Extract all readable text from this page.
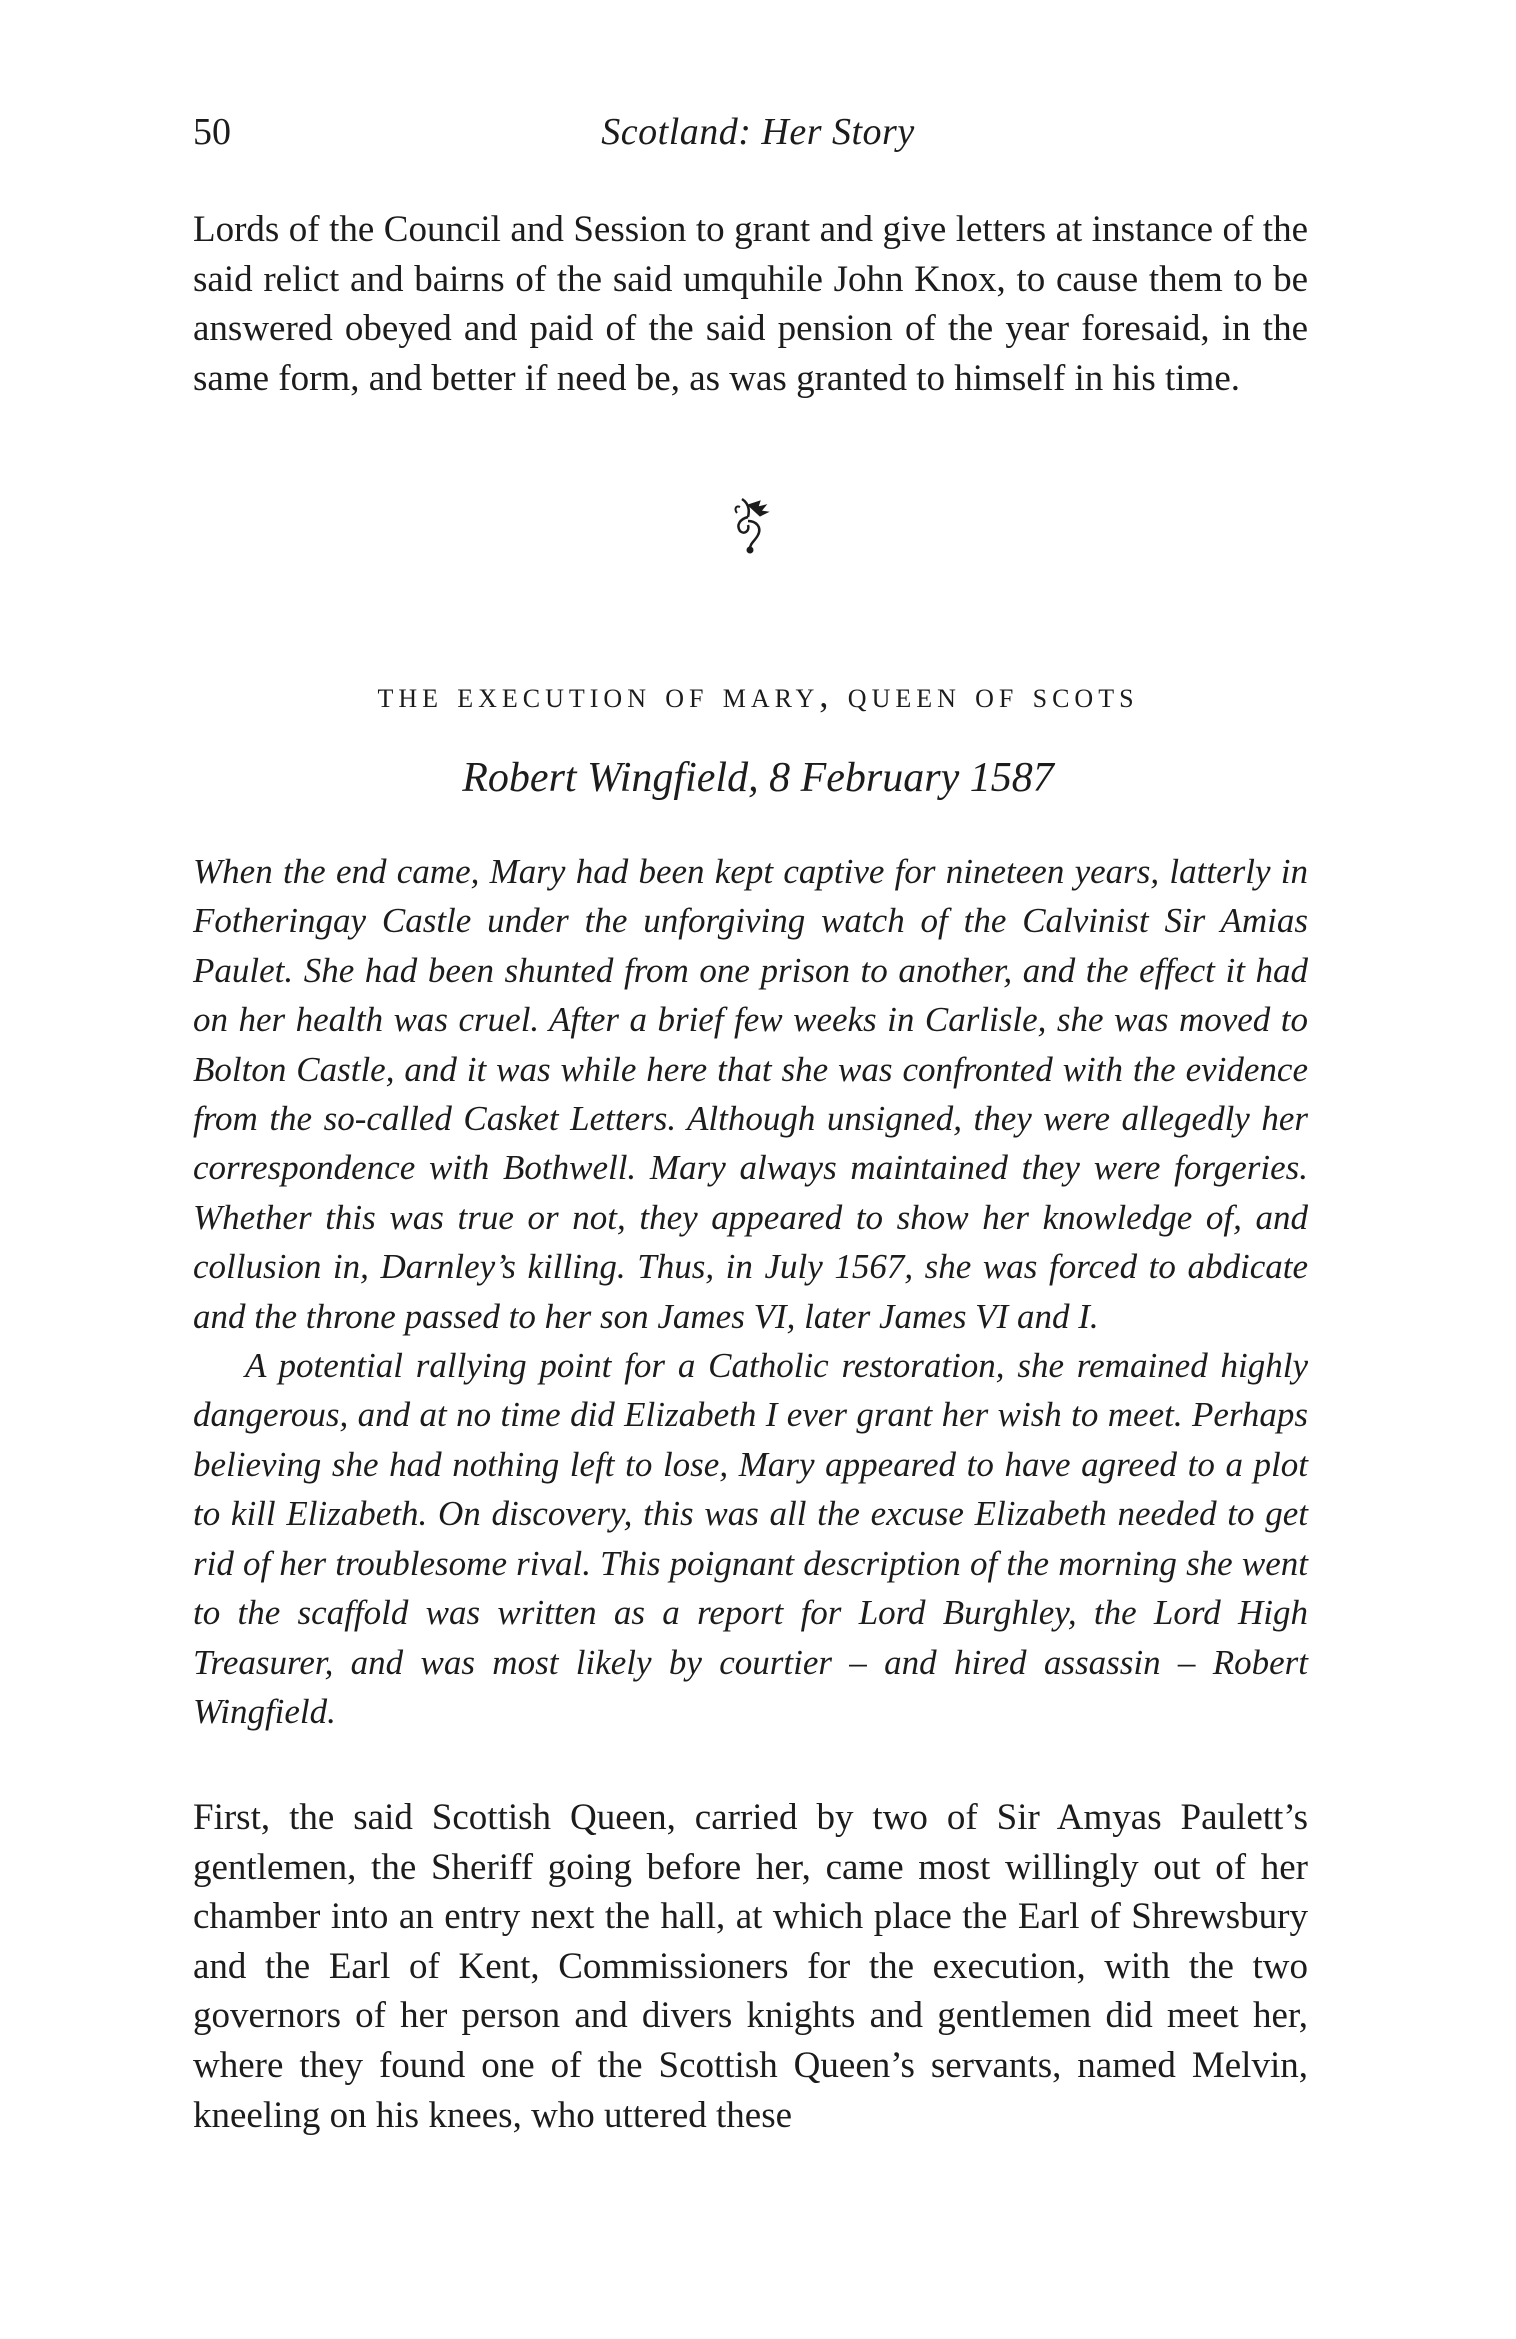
50	Scotland: Her Story
Lords of the Council and Session to grant and give letters at instance of the said relict and bairns of the said umquhile John Knox, to cause them to be answered obeyed and paid of the said pension of the year foresaid, in the same form, and better if need be, as was granted to himself in his time.
the execution of mary, queen of scots
Robert Wingfield, 8 February 1587

When the end came, Mary had been kept captive for nineteen years, latterly in Fotheringay Castle under the unforgiving watch of the Calvinist Sir Amias Paulet. She had been shunted from one prison to another, and the effect it had on her health was cruel. After a brief few weeks in Carlisle, she was moved to Bolton Castle, and it was while here that she was confronted with the evidence from the so-called Casket Letters. Although unsigned, they were allegedly her correspondence with Bothwell. Mary always maintained they were forgeries. Whether this was true or not, they appeared to show her knowledge of, and collusion in, Darnley’s killing. Thus, in July 1567, she was forced to abdicate and the throne passed to her son James VI, later James VI and I.

A potential rallying point for a Catholic restoration, she remained highly dangerous, and at no time did Elizabeth I ever grant her wish to meet. Perhaps believing she had nothing left to lose, Mary appeared to have agreed to a plot to kill Elizabeth. On discovery, this was all the excuse Elizabeth needed to get rid of her troublesome rival. This poignant description of the morning she went to the scaffold was written as a report for Lord Burghley, the Lord High Treasurer, and was most likely by courtier – and hired assassin – Robert Wingfield.

First, the said Scottish Queen, carried by two of Sir Amyas Paulett’s gentlemen, the Sheriff going before her, came most willingly out of her chamber into an entry next the hall, at which place the Earl of Shrewsbury and the Earl of Kent, Commissioners for the execution, with the two governors of her person and divers knights and gentlemen did meet her, where they found one of the Scottish Queen’s servants, named Melvin, kneeling on his knees, who uttered these
